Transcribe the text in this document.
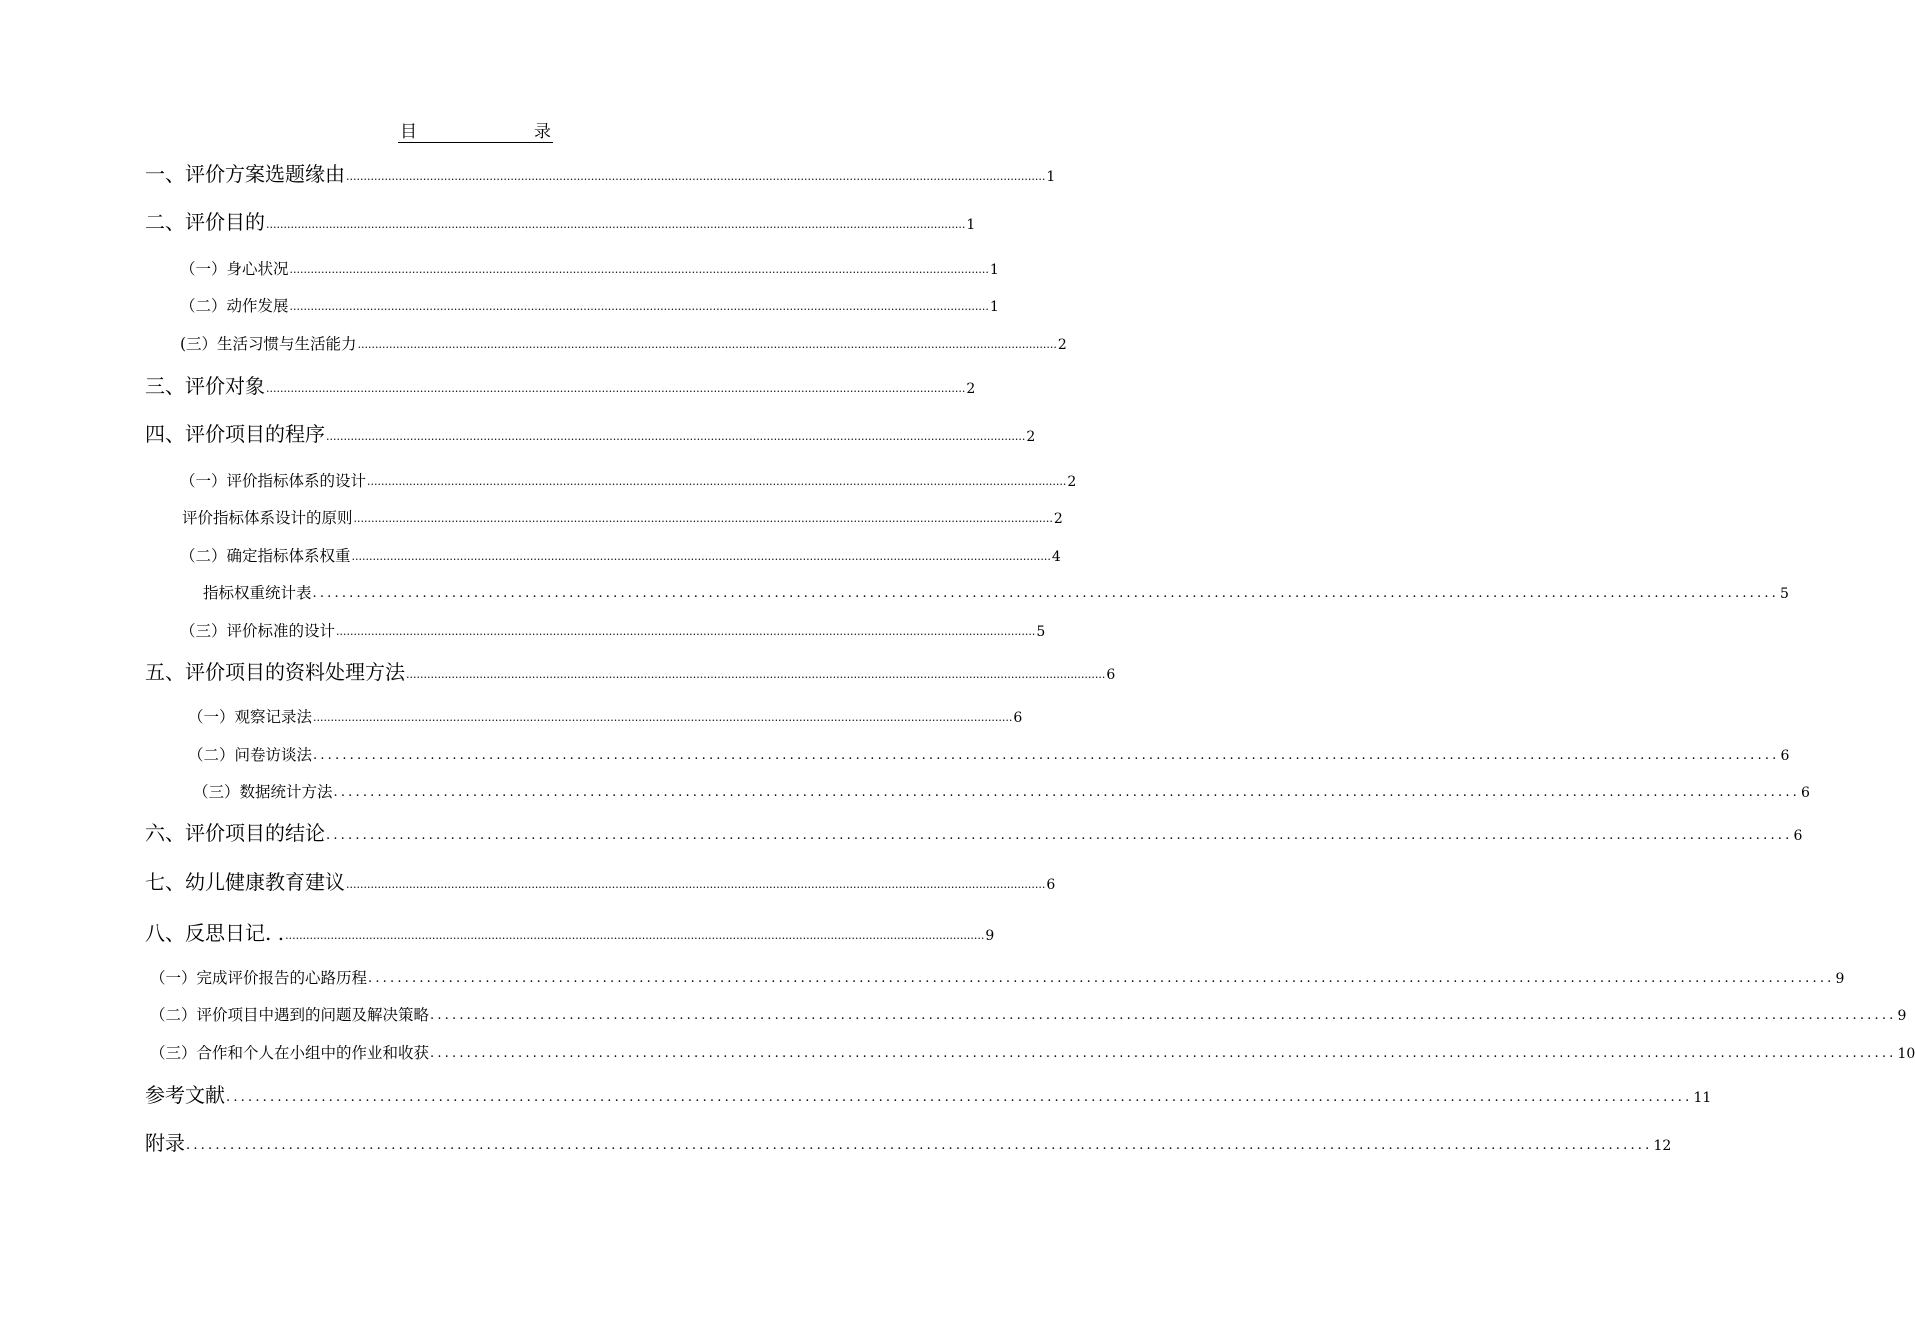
目	录
一、评价方案选题缘由 ........................................................................................................................................................................................................ 1
二、评价目的 ........................................................................................................................................................................................................ 1
（一）身心状况 ........................................................................................................................................................................................................ 1
（二）动作发展 ........................................................................................................................................................................................................ 1
(三）生活习惯与生活能力 ........................................................................................................................................................................................................ 2
三、评价对象 ........................................................................................................................................................................................................ 2
四、评价项目的程序 ........................................................................................................................................................................................................ 2
（一）评价指标体系的设计 ........................................................................................................................................................................................................ 2
评价指标体系设计的原则 ........................................................................................................................................................................................................ 2
（二）确定指标体系权重 ........................................................................................................................................................................................................ 4
指标权重统计表 ........................................................................................................................................................................................................ 5
（三）评价标准的设计 ........................................................................................................................................................................................................ 5
五、评价项目的资料处理方法 ........................................................................................................................................................................................................ 6
（一）观察记录法 ........................................................................................................................................................................................................ 6
（二）问卷访谈法 ........................................................................................................................................................................................................ 6
（三）数据统计方法 ........................................................................................................................................................................................................ 6
六、评价项目的结论 ........................................................................................................................................................................................................ 6
七、幼儿健康教育建议 ........................................................................................................................................................................................................ 6
八、反思日记. . ........................................................................................................................................................................................................ 9
（一）完成评价报告的心路历程 ........................................................................................................................................................................................................ 9
（二）评价项目中遇到的问题及解决策略 ........................................................................................................................................................................................................ 9
（三）合作和个人在小组中的作业和收获 ........................................................................................................................................................................................................ 10
参考文献 ........................................................................................................................................................................................................ 11
附录 ........................................................................................................................................................................................................ 12
